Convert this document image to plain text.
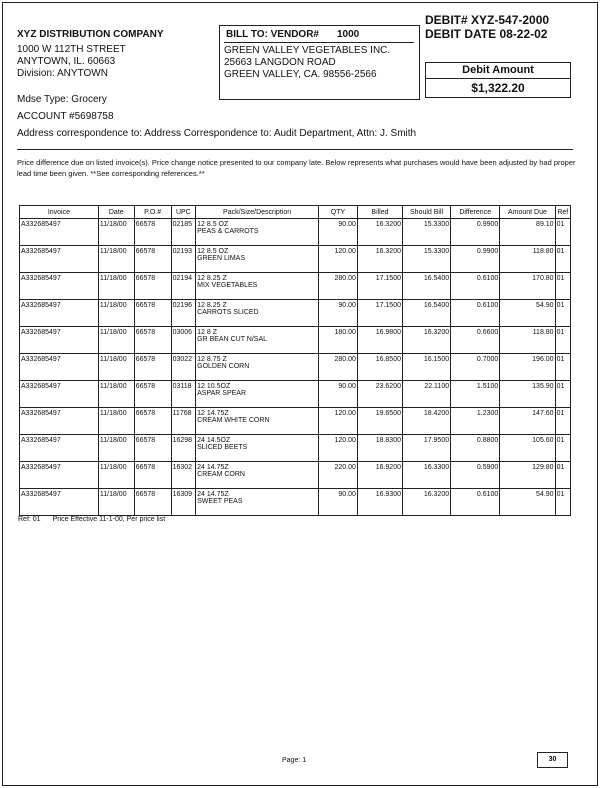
XYZ DISTRIBUTION COMPANY
1000 W 112TH STREET
ANYTOWN, IL. 60663
Division: ANYTOWN
Mdse Type: Grocery
ACCOUNT #5698758
Address correspondence to: Address Correspondence to: Audit Department, Attn: J. Smith
BILL TO: VENDOR# 1000
GREEN VALLEY VEGETABLES INC.
25663 LANGDON ROAD
GREEN VALLEY, CA. 98556-2566
DEBIT# XYZ-547-2000
DEBIT DATE 08-22-02
Debit Amount
$1,322.20
Price difference due on listed invoice(s). Price change notice presented to our company late. Below represents what purchases would have been adjusted by had proper lead time been given. **See corresponding references.**
Invoice	Date	P.O.#	UPC	Pack/Size/Description	QTY	Billed	Should Bill	Difference	Amount Due	Ref
A332685497	11/18/00	66578	02185	12 8.5 OZ
PEAS & CARROTS	90.00	16.3200	15.3300	0.9900	89.10	01
A332685497	11/18/00	66578	02193	12 8.5 OZ
GREEN LIMAS	120.00	16.3200	15.3300	0.9900	118.80	01
A332685497	11/18/00	66578	02194	12 8.25 Z
MIX VEGETABLES	280.00	17.1500	16.5400	0.6100	170.80	01
A332685497	11/18/00	66578	02196	12 8.25 Z
CARROTS SLICED	90.00	17.1500	16.5400	0.6100	54.90	01
A332685497	11/18/00	66578	03006	12 8 Z
GR BEAN CUT N/SAL	180.00	16.9800	16.3200	0.6600	118.80	01
A332685497	11/18/00	66578	03022	12 8.75 Z
GOLDEN CORN	280.00	16.8500	16.1500	0.7000	196.00	01
A332685497	11/18/00	66578	03118	12 10.5OZ
ASPAR SPEAR	90.00	23.6200	22.1100	1.5100	135.90	01
A332685497	11/18/00	66578	11768	12 14.75Z
CREAM WHITE CORN	120.00	19.6500	18.4200	1.2300	147.60	01
A332685497	11/18/00	66578	16298	24 14.5OZ
SLICED BEETS	120.00	18.8300	17.9500	0.8800	105.60	01
A332685497	11/18/00	66578	16302	24 14.75Z
CREAM CORN	220.00	16.9200	16.3300	0.5900	129.80	01
A332685497	11/18/00	66578	16309	24 14.75Z
SWEET PEAS	90.00	16.9300	16.3200	0.6100	54.90	01
Ref: 01 Price Effective 11-1-00, Per price list
Page: 1	30
